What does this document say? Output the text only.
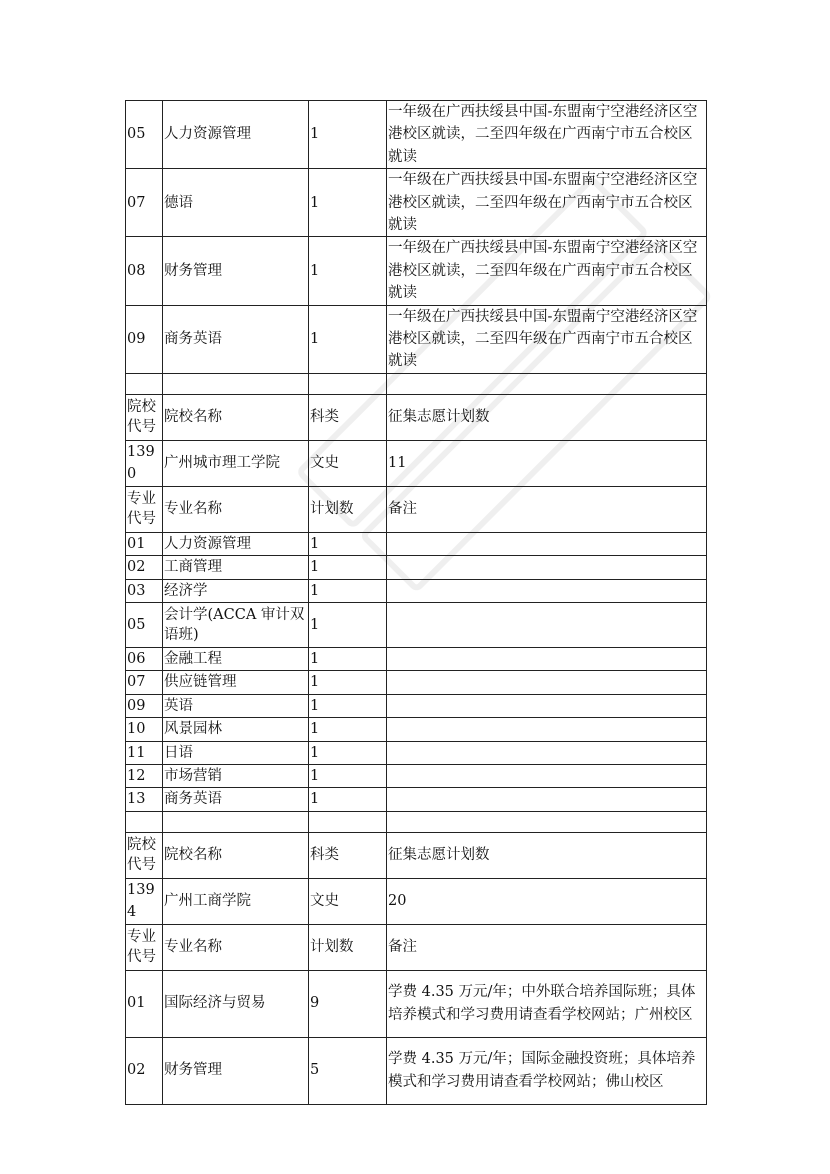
05	人力资源管理	1	一年级在广西扶绥县中国-东盟南宁空港经济区空港校区就读，二至四年级在广西南宁市五合校区就读
07	德语	1	一年级在广西扶绥县中国-东盟南宁空港经济区空港校区就读，二至四年级在广西南宁市五合校区就读
08	财务管理	1	一年级在广西扶绥县中国-东盟南宁空港经济区空港校区就读，二至四年级在广西南宁市五合校区就读
09	商务英语	1	一年级在广西扶绥县中国-东盟南宁空港经济区空港校区就读，二至四年级在广西南宁市五合校区就读

院校代号	院校名称	科类	征集志愿计划数
1390	广州城市理工学院	文史	11
专业代号	专业名称	计划数	备注
01	人力资源管理	1	
02	工商管理	1	
03	经济学	1	
05	会计学(ACCA 审计双语班)	1	
06	金融工程	1	
07	供应链管理	1	
09	英语	1	
10	风景园林	1	
11	日语	1	
12	市场营销	1	
13	商务英语	1	

院校代号	院校名称	科类	征集志愿计划数
1394	广州工商学院	文史	20
专业代号	专业名称	计划数	备注
01	国际经济与贸易	9	学费 4.35 万元/年；中外联合培养国际班；具体培养模式和学习费用请查看学校网站；广州校区
02	财务管理	5	学费 4.35 万元/年；国际金融投资班；具体培养模式和学习费用请查看学校网站；佛山校区
